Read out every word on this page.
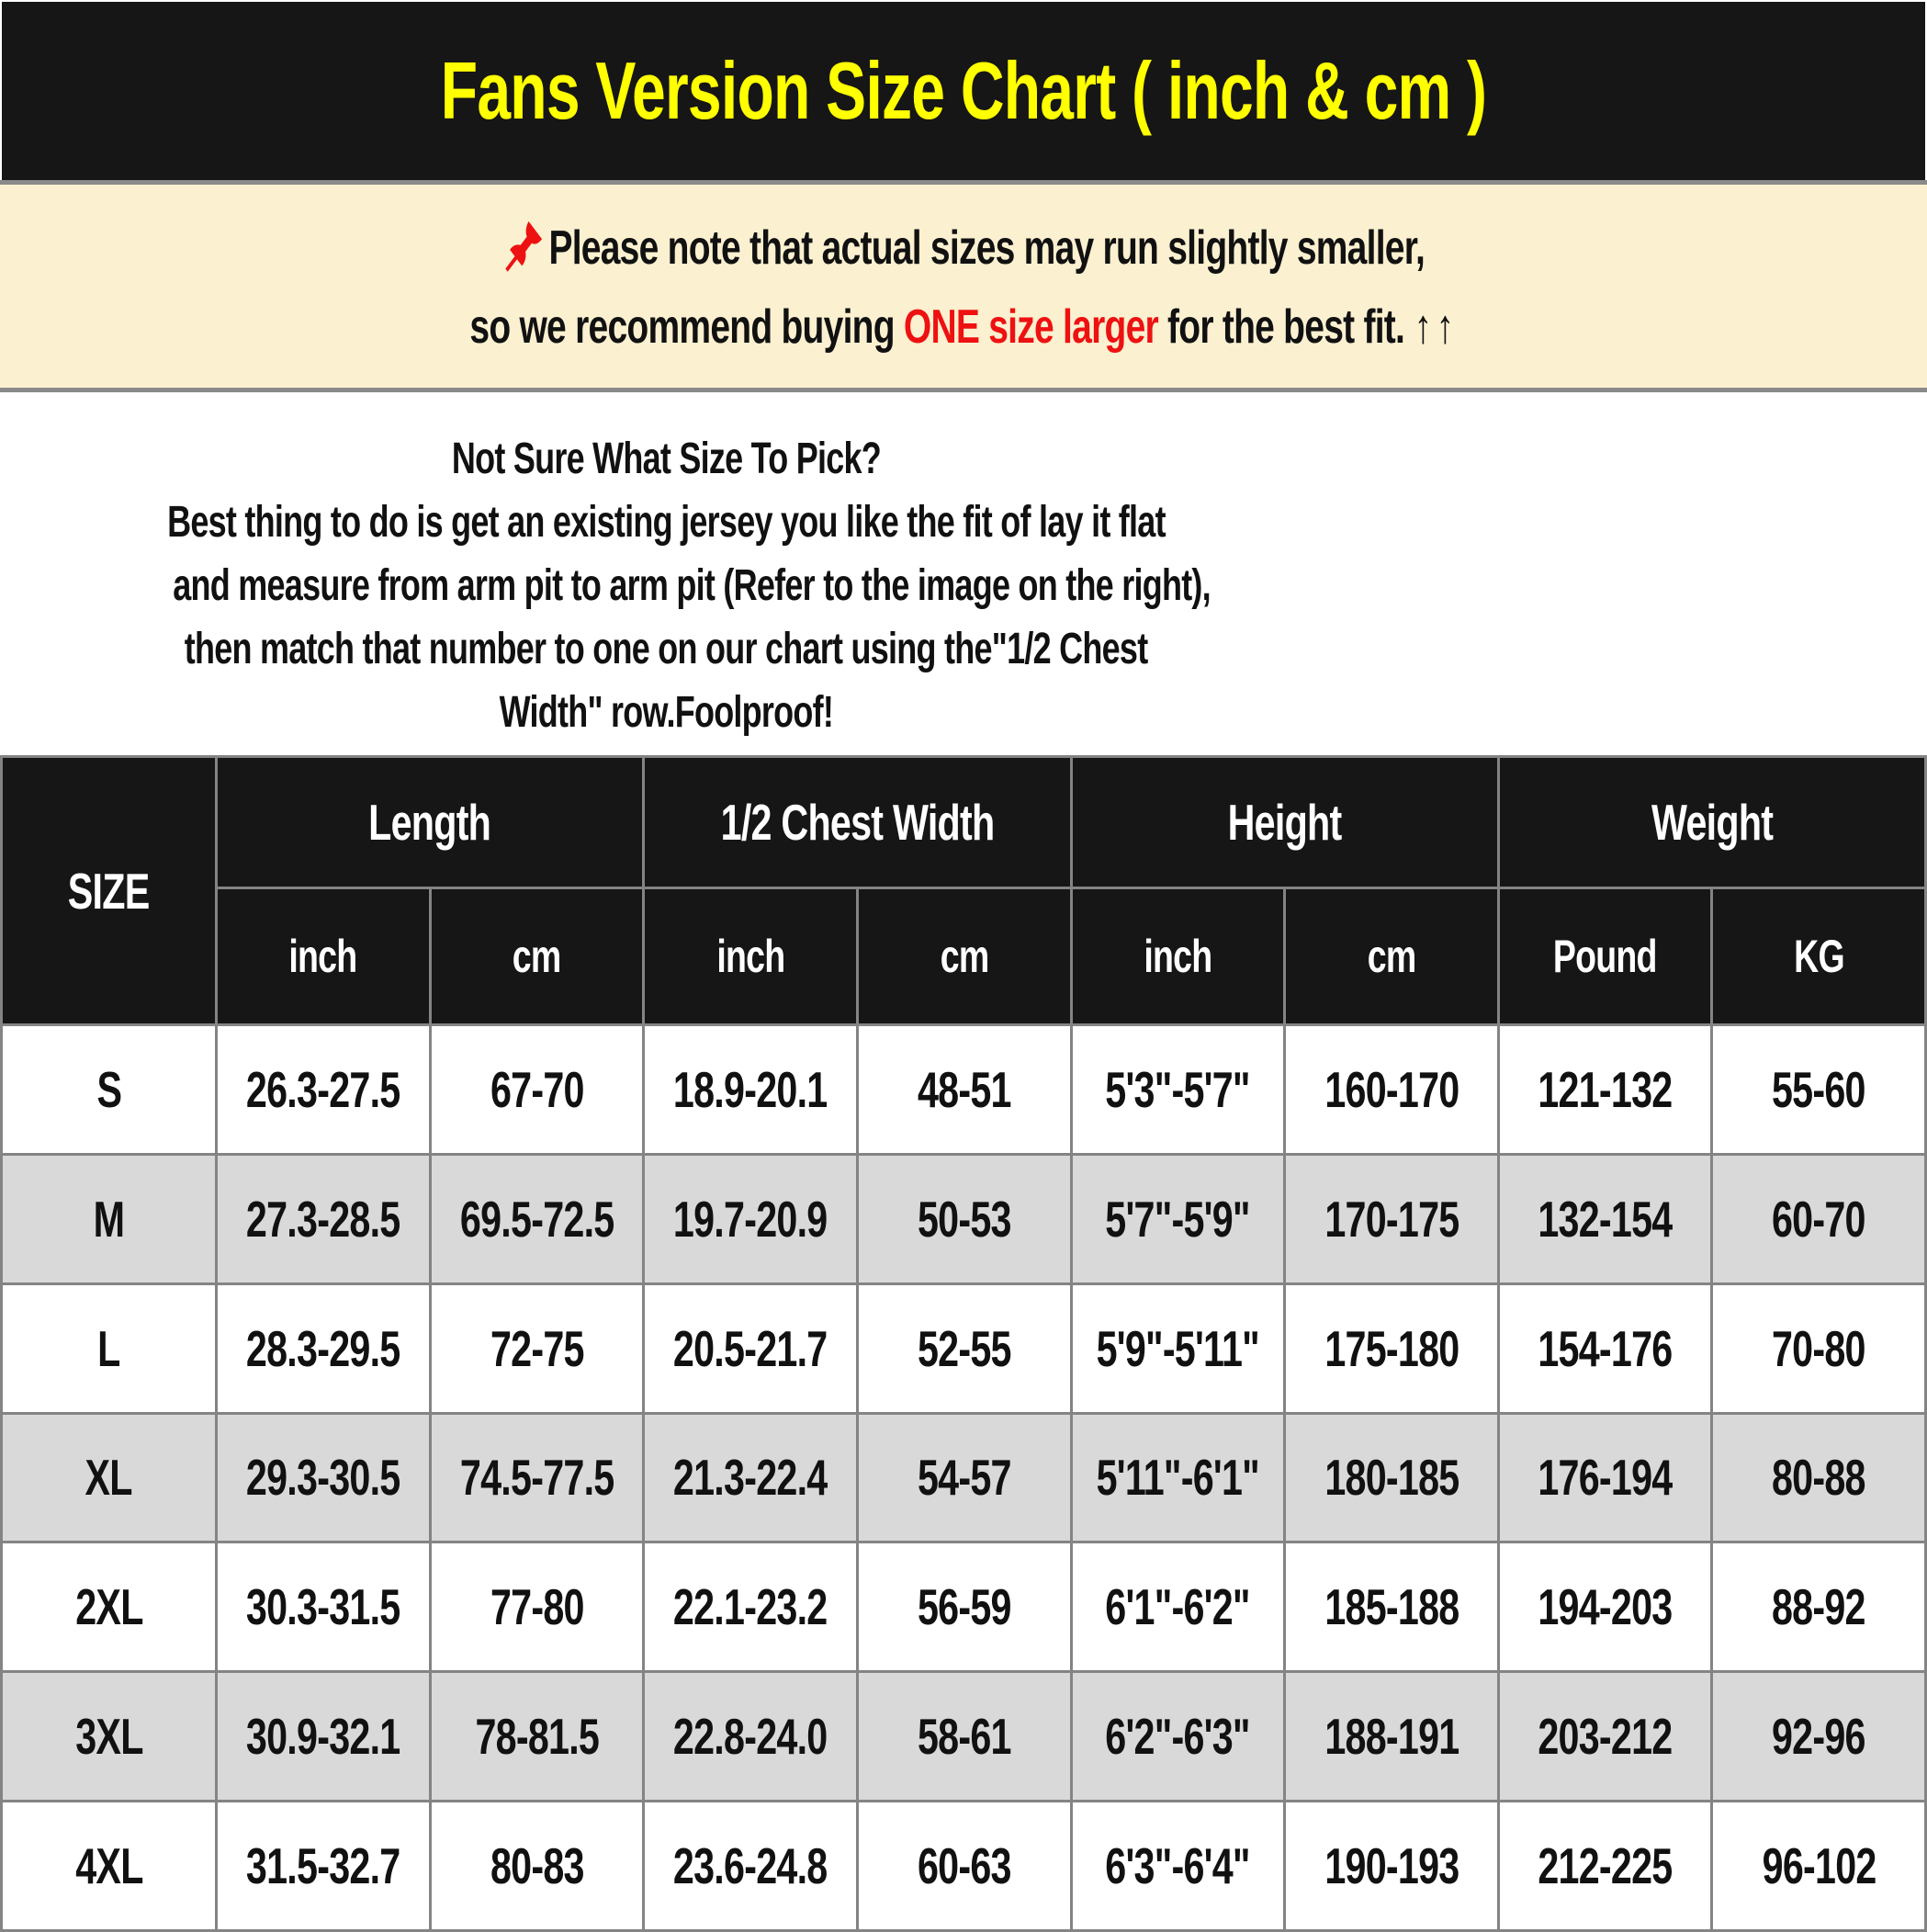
Fans Version Size Chart ( inch & cm )
Please note that actual sizes may run slightly smaller,
so we recommend buying ONE size larger for the best fit. ↑↑
Not Sure What Size To Pick?
Best thing to do is get an existing jersey you like the fit of lay it flat
and measure from arm pit to arm pit (Refer to the image on the right),
then match that number to one on our chart using the"1/2 Chest
Width" row.Foolproof!
SIZE
Length	1/2 Chest Width	Height	Weight
inch	cm	inch	cm	inch	cm	Pound	KG
S 26.3-27.5 67-70 18.9-20.1 48-51 5'3"-5'7" 160-170 121-132 55-60
M 27.3-28.5 69.5-72.5 19.7-20.9 50-53 5'7"-5'9" 170-175 132-154 60-70
L 28.3-29.5 72-75 20.5-21.7 52-55 5'9"-5'11" 175-180 154-176 70-80
XL 29.3-30.5 74.5-77.5 21.3-22.4 54-57 5'11"-6'1" 180-185 176-194 80-88
2XL 30.3-31.5 77-80 22.1-23.2 56-59 6'1"-6'2" 185-188 194-203 88-92
3XL 30.9-32.1 78-81.5 22.8-24.0 58-61 6'2"-6'3" 188-191 203-212 92-96
4XL 31.5-32.7 80-83 23.6-24.8 60-63 6'3"-6'4" 190-193 212-225 96-102
